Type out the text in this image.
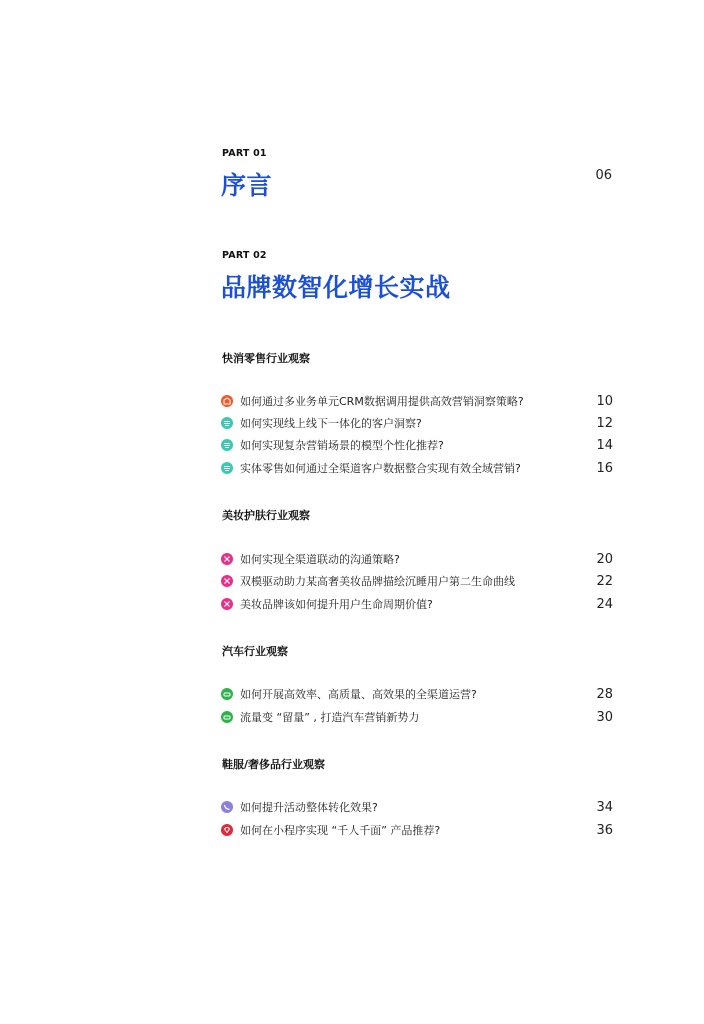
PART 01
序言	06
PART 02
品牌数智化增长实战
快消零售行业观察
如何通过多业务单元CRM数据调用提供高效营销洞察策略?	10
如何实现线上线下一体化的客户洞察?	12
如何实现复杂营销场景的模型个性化推荐?	14
实体零售如何通过全渠道客户数据整合实现有效全域营销?	16
美妆护肤行业观察
如何实现全渠道联动的沟通策略?	20
双模驱动助力某高奢美妆品牌描绘沉睡用户第二生命曲线	22
美妆品牌该如何提升用户生命周期价值?	24
汽车行业观察
如何开展高效率、高质量、高效果的全渠道运营?	28
流量变 “留量” , 打造汽车营销新势力	30
鞋服/奢侈品行业观察
如何提升活动整体转化效果?	34
如何在小程序实现 “千人千面” 产品推荐?	36
